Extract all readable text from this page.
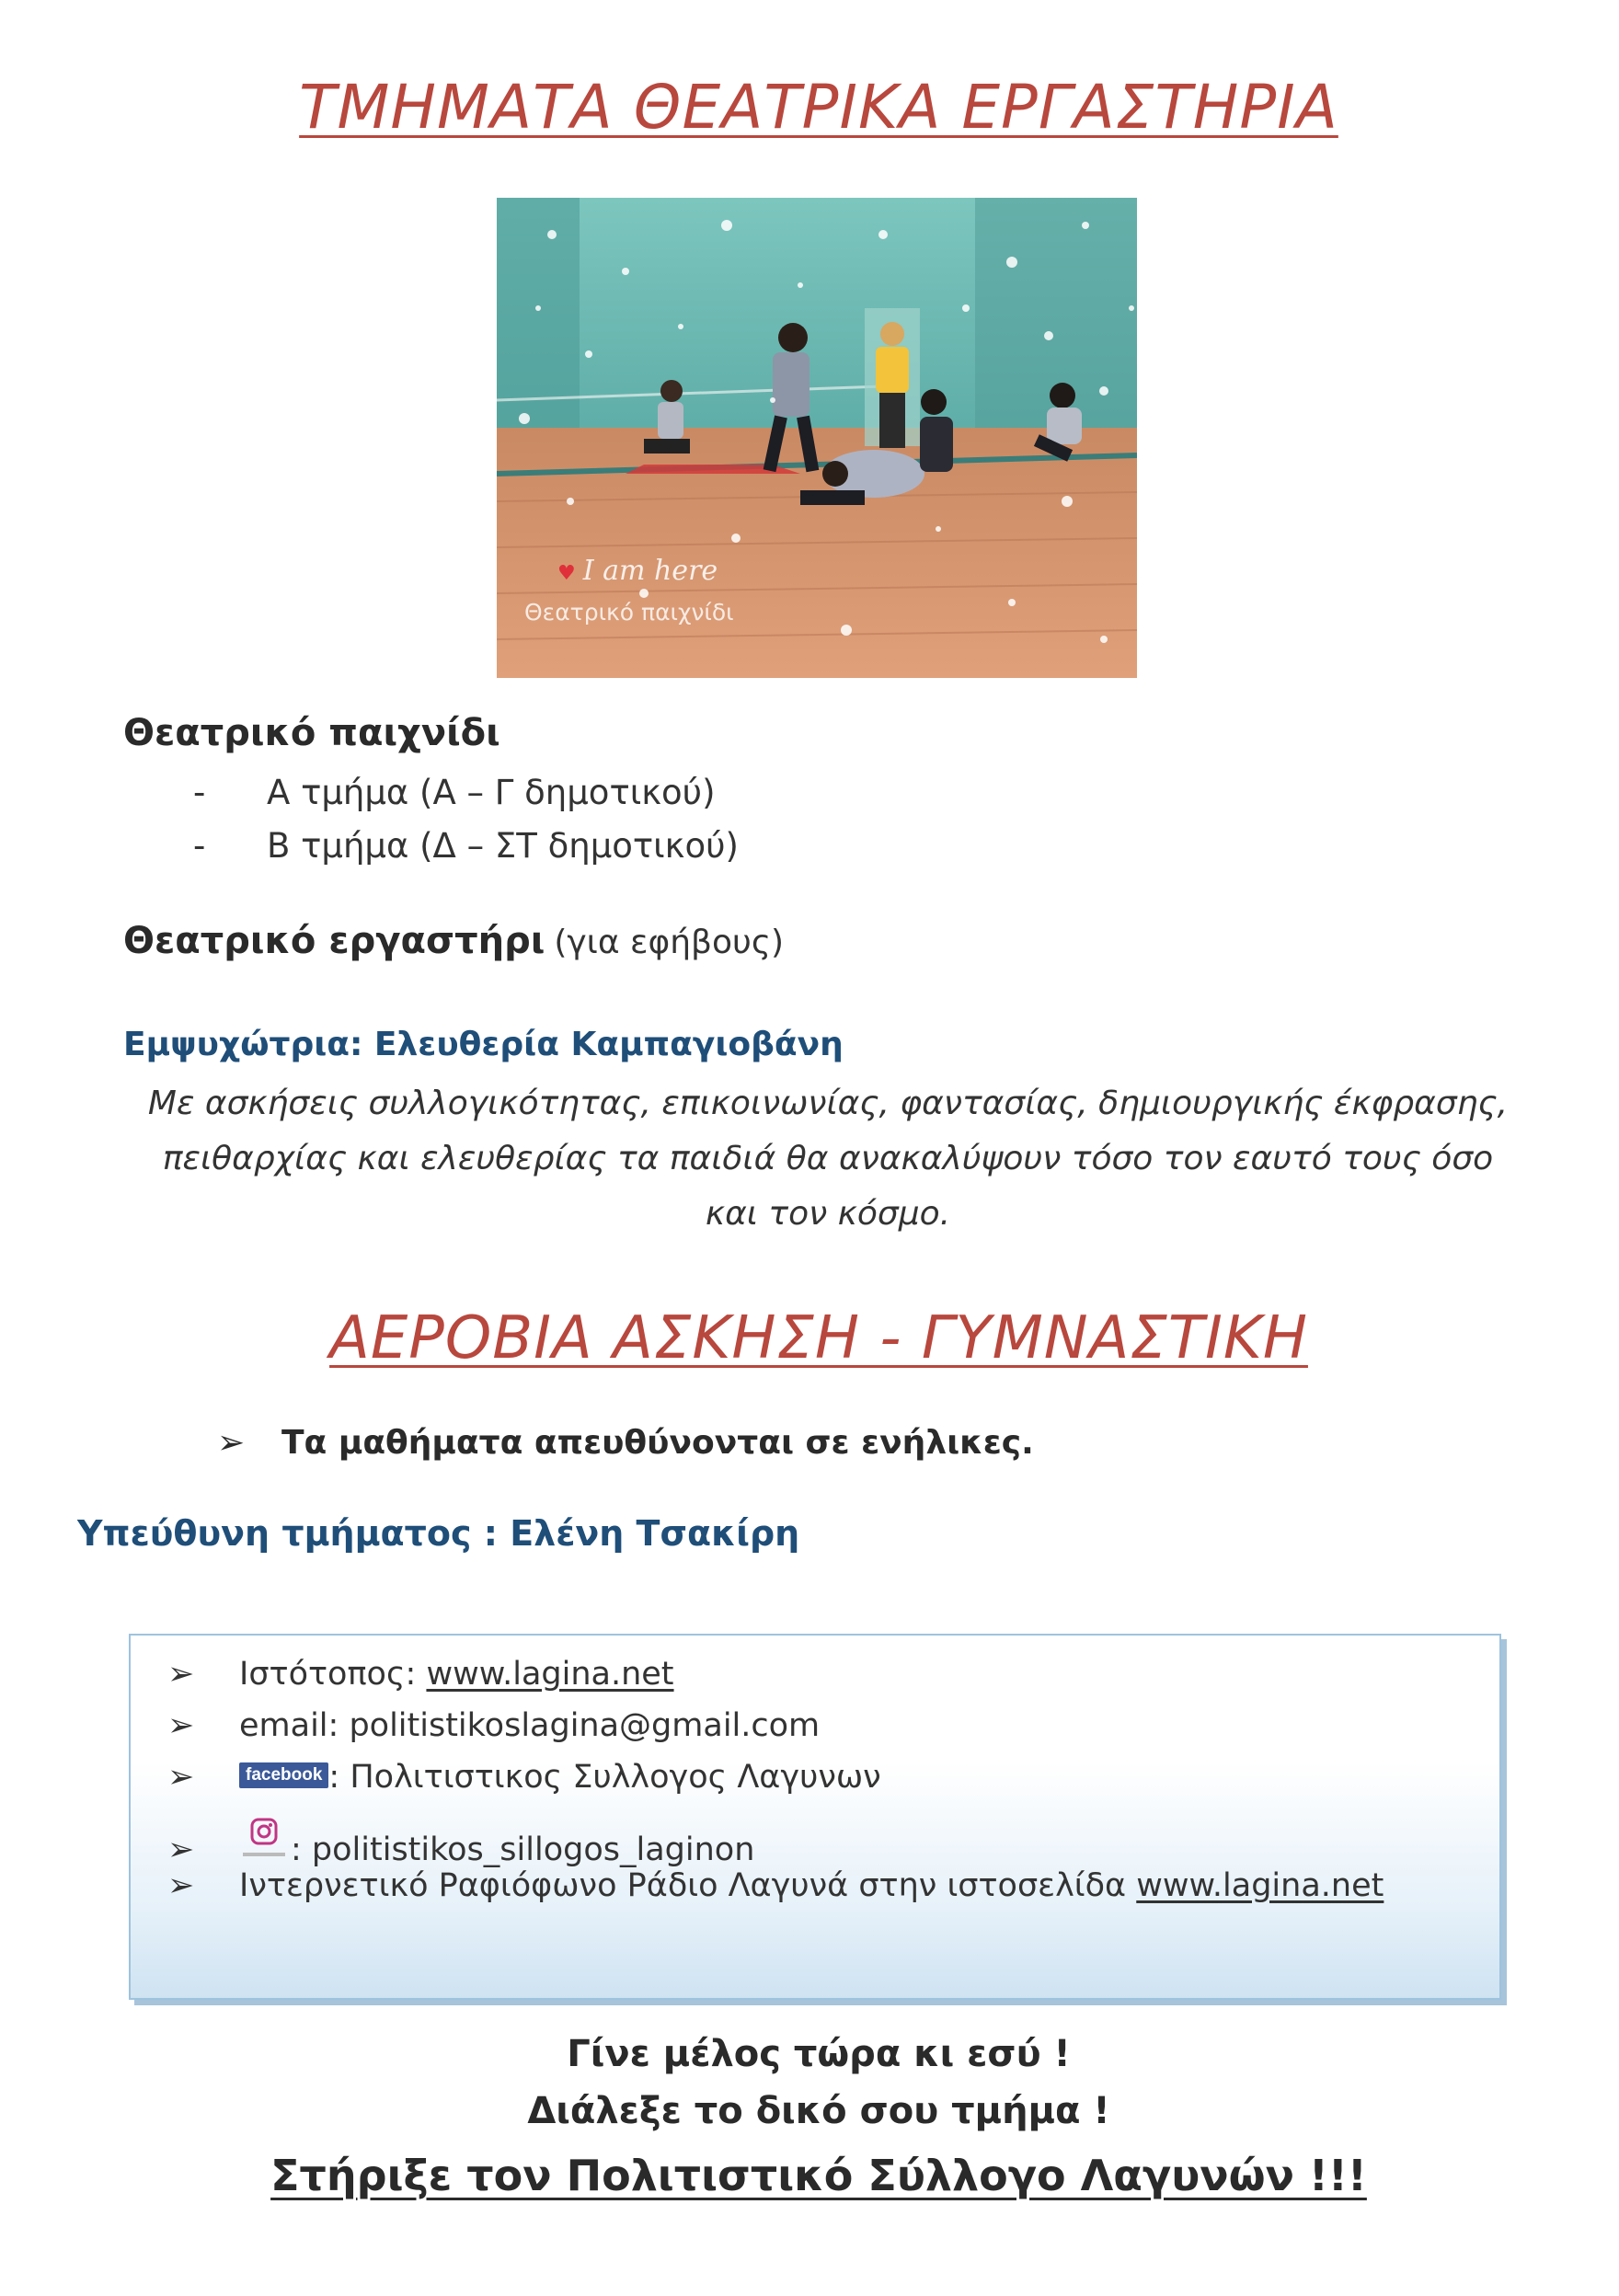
ΤΜΗΜΑΤΑ ΘΕΑΤΡΙΚΑ ΕΡΓΑΣΤΗΡΙΑ
♥ I am here
Θεατρικό παιχνίδι
Θεατρικό παιχνίδι
- Α τμήμα (Α – Γ δημοτικού)
- Β τμήμα (Δ – ΣΤ δημοτικού)
Θεατρικό εργαστήρι (για εφήβους)
Εμψυχώτρια: Ελευθερία Καμπαγιοβάνη
Με ασκήσεις συλλογικότητας, επικοινωνίας, φαντασίας, δημιουργικής έκφρασης, πειθαρχίας και ελευθερίας τα παιδιά θα ανακαλύψουν τόσο τον εαυτό τους όσο και τον κόσμο.
ΑΕΡΟΒΙΑ ΑΣΚΗΣΗ - ΓΥΜΝΑΣΤΙΚΗ
➢ Τα μαθήματα απευθύνονται σε ενήλικες.
Υπεύθυνη τμήματος : Ελένη Τσακίρη
➢ Ιστότοπος: www.lagina.net
➢ email: politistikoslagina@gmail.com
➢	facebook : Πολιτιστικος Συλλογος Λαγυνων
➢	: politistikos_sillogos_laginon
➢ Ιντερνετικό Ραφιόφωνο Ράδιο Λαγυνά στην ιστοσελίδα www.lagina.net
Γίνε μέλος τώρα κι εσύ !
Διάλεξε το δικό σου τμήμα !
Στήριξε τον Πολιτιστικό Σύλλογο Λαγυνών !!!
